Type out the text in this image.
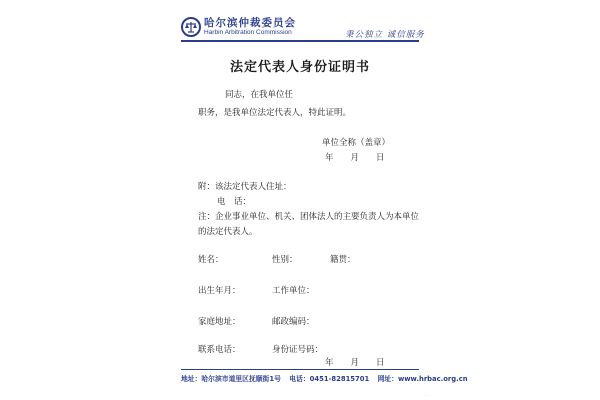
哈尔滨仲裁委员会
Harbin Arbitration Commission	秉公独立 诚信服务
法定代表人身份证明书
同志，在我单位任
职务，是我单位法定代表人，特此证明。
单位全称（盖章）
年　　月　　日
附：该法定代表人住址：
电　话：
注：企业事业单位、机关、团体法人的主要负责人为本单位
的法定代表人。
姓名：	性别：	籍贯：
出生年月：	工作单位：
家庭地址：	邮政编码：
联系电话：	身份证号码：
年　　月　　日
地址：哈尔滨市道里区抚顺街1号 电话：0451-82815701 网址：www.hrbac.org.cn
·····
